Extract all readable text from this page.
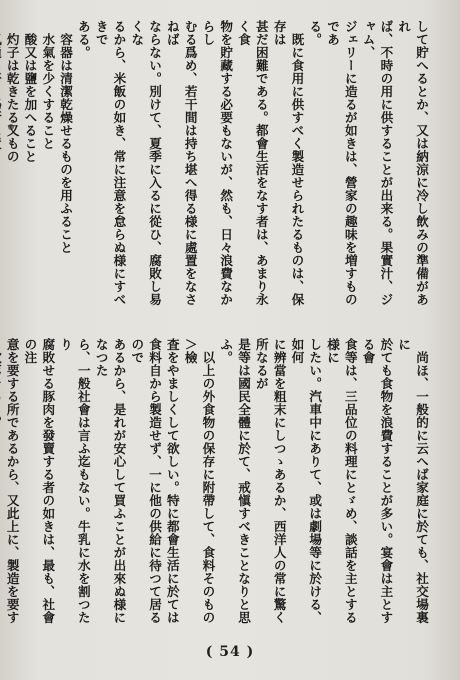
して貯へるとか、又は納涼に冷し飲みの準備があれ
ば、不時の用に供することが出来る。果實汁、ジャム、
ジェリーに造るが如きは、營家の趣味を増すものであ
る。
既に食用に供すべく製造せられたるものは、保存は
甚だ困難である。都會生活をなす者は、あまり永く食
物を貯藏する必要もないが、然も、日々浪費なからし
むる爲め、若干間は持ち堪へ得る様に處置をなさねば
ならない。別けて、夏季に入るに從ひ、腐敗し易くな
るから、米飯の如き、常に注意を怠らぬ様にすべきで
ある。
容器は清潔乾燥せるものを用ふること
水氣を少くすること
酸又は鹽を加へること
灼子は乾きたる又もの
尚ほ、一般的に云へば家庭に於ても、社交場裏に
於ても食物を浪費することが多い。宴會は主とする會
食等は、三品位の料理にとゞめ、談話を主とする様に
したい。汽車中にありて、或は劇場等に於ける、如何
に辨當を粗末にしつゝあるか、西洋人の常に驚く所なるが
是等は國民全體に於て、戒愼すべきことなりと思ふ。
以上の外食物の保存に附帶して、食料そのもの＞檢
査をやましくして欲しい。特に都會生活に於ては
食料自から製造せず、一に他の供給に待つて居るので
あるから、是れが安心して買ふことが出來ぬ様になつた
ら、一般社會は言ふ迄もない。牛乳に水を割つたり
腐敗せる豚肉を發賣する者の如きは、最も、社會の注
意を要する所であるから、又此上に、製造を要す
( 54 )
